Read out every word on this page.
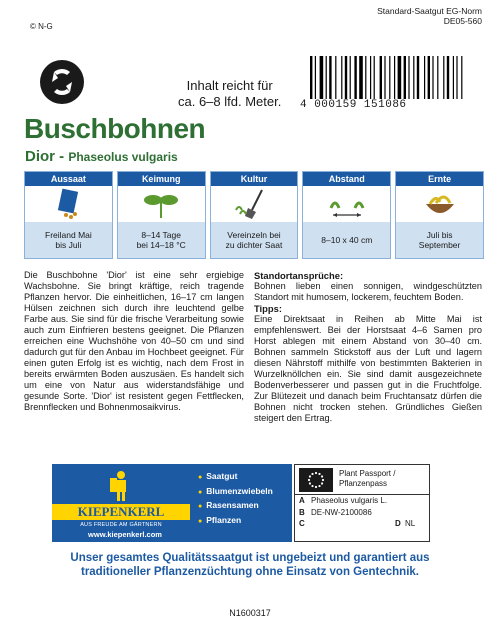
© N-G
Standard-Saatgut EG-Norm
DE05-560
Inhalt reicht für
ca. 6–8 lfd. Meter. 4 000159 151086
Buschbohnen
Dior - Phaseolus vulgaris
Aussaat
Freiland Mai
bis Juli
Keimung
8–14 Tage
bei 14–18 °C
Kultur
Vereinzeln bei
zu dichter Saat
Abstand
8–10 x 40 cm
Ernte
Juli bis
September
Die Buschbohne 'Dior' ist eine sehr ergiebige Wachsbohne. Sie bringt kräftige, reich tragende Pflanzen hervor. Die einheitlichen, 16–17 cm langen Hülsen zeichnen sich durch ihre leuchtend gelbe Farbe aus. Sie sind für die frische Verarbeitung sowie auch zum Einfrieren bestens geeignet. Die Pflanzen erreichen eine Wuchshöhe von 40–50 cm und sind dadurch gut für den Anbau im Hochbeet geeignet. Für einen guten Erfolg ist es wichtig, nach dem Frost in bereits erwärmten Boden auszusäen. Es handelt sich um eine von Natur aus widerstandsfähige und gesunde Sorte. 'Dior' ist resistent gegen Fettflecken, Brennflecken und Bohnenmosaikvirus.
Standortansprüche:

Bohnen lieben einen sonnigen, windgeschützten Standort mit humosem, lockerem, feuchtem Boden.

Tipps:

Eine Direktsaat in Reihen ab Mitte Mai ist empfehlenswert. Bei der Horstsaat 4–6 Samen pro Horst ablegen mit einem Abstand von 30–40 cm. Bohnen sammeln Stickstoff aus der Luft und lagern diesen Nährstoff mithilfe von bestimmten Bakterien in Wurzelknöllchen ein. Sie sind damit ausgezeichnete Bodenverbesserer und passen gut in die Fruchtfolge. Zur Blütezeit und danach beim Fruchtansatz dürfen die Bohnen nicht trocken stehen. Gründliches Gießen steigert den Ertrag.

KIEPENKERL
AUS FREUDE AM GÄRTNERN
www.kiepenkerl.com
● Saatgut
● Blumenzwiebeln
● Rasensamen
● Pflanzen
Plant Passport /
Pflanzenpass
A Phaseolus vulgaris L.
B DE-NW-2100086
C	D NL
Unser gesamtes Qualitätssaatgut ist ungebeizt und garantiert aus
traditioneller Pflanzenzüchtung ohne Einsatz von Gentechnik.
N1600317
